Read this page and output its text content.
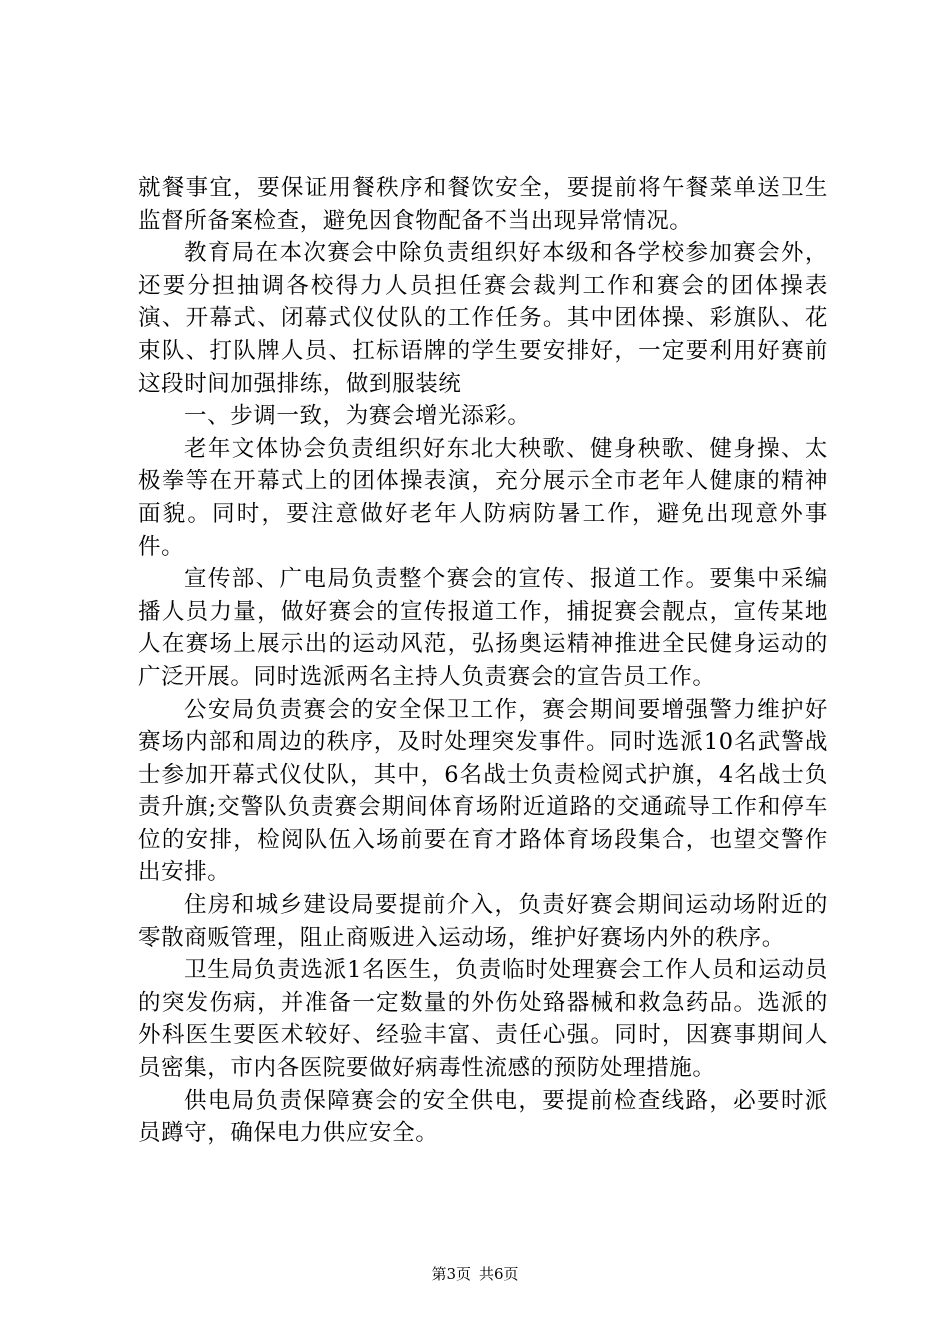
就餐事宜，要保证用餐秩序和餐饮安全，要提前将午餐菜单送卫生监督所备案检查，避免因食物配备不当出现异常情况。

教育局在本次赛会中除负责组织好本级和各学校参加赛会外，还要分担抽调各校得力人员担任赛会裁判工作和赛会的团体操表演、开幕式、闭幕式仪仗队的工作任务。其中团体操、彩旗队、花束队、打队牌人员、扛标语牌的学生要安排好，一定要利用好赛前这段时间加强排练，做到服装统

一、步调一致，为赛会增光添彩。

老年文体协会负责组织好东北大秧歌、健身秧歌、健身操、太极拳等在开幕式上的团体操表演，充分展示全市老年人健康的精神面貌。同时，要注意做好老年人防病防暑工作，避免出现意外事件。

宣传部、广电局负责整个赛会的宣传、报道工作。要集中采编播人员力量，做好赛会的宣传报道工作，捕捉赛会靓点，宣传某地人在赛场上展示出的运动风范，弘扬奥运精神推进全民健身运动的广泛开展。同时选派两名主持人负责赛会的宣告员工作。

公安局负责赛会的安全保卫工作，赛会期间要增强警力维护好赛场内部和周边的秩序，及时处理突发事件。同时选派10名武警战士参加开幕式仪仗队，其中，6名战士负责检阅式护旗，4名战士负责升旗;交警队负责赛会期间体育场附近道路的交通疏导工作和停车位的安排，检阅队伍入场前要在育才路体育场段集合，也望交警作出安排。

住房和城乡建设局要提前介入，负责好赛会期间运动场附近的零散商贩管理，阻止商贩进入运动场，维护好赛场内外的秩序。

卫生局负责选派1名医生，负责临时处理赛会工作人员和运动员的突发伤病，并准备一定数量的外伤处臵器械和救急药品。选派的外科医生要医术较好、经验丰富、责任心强。同时，因赛事期间人员密集，市内各医院要做好病毒性流感的预防处理措施。

供电局负责保障赛会的安全供电，要提前检查线路，必要时派员蹲守，确保电力供应安全。

第3页 共6页
